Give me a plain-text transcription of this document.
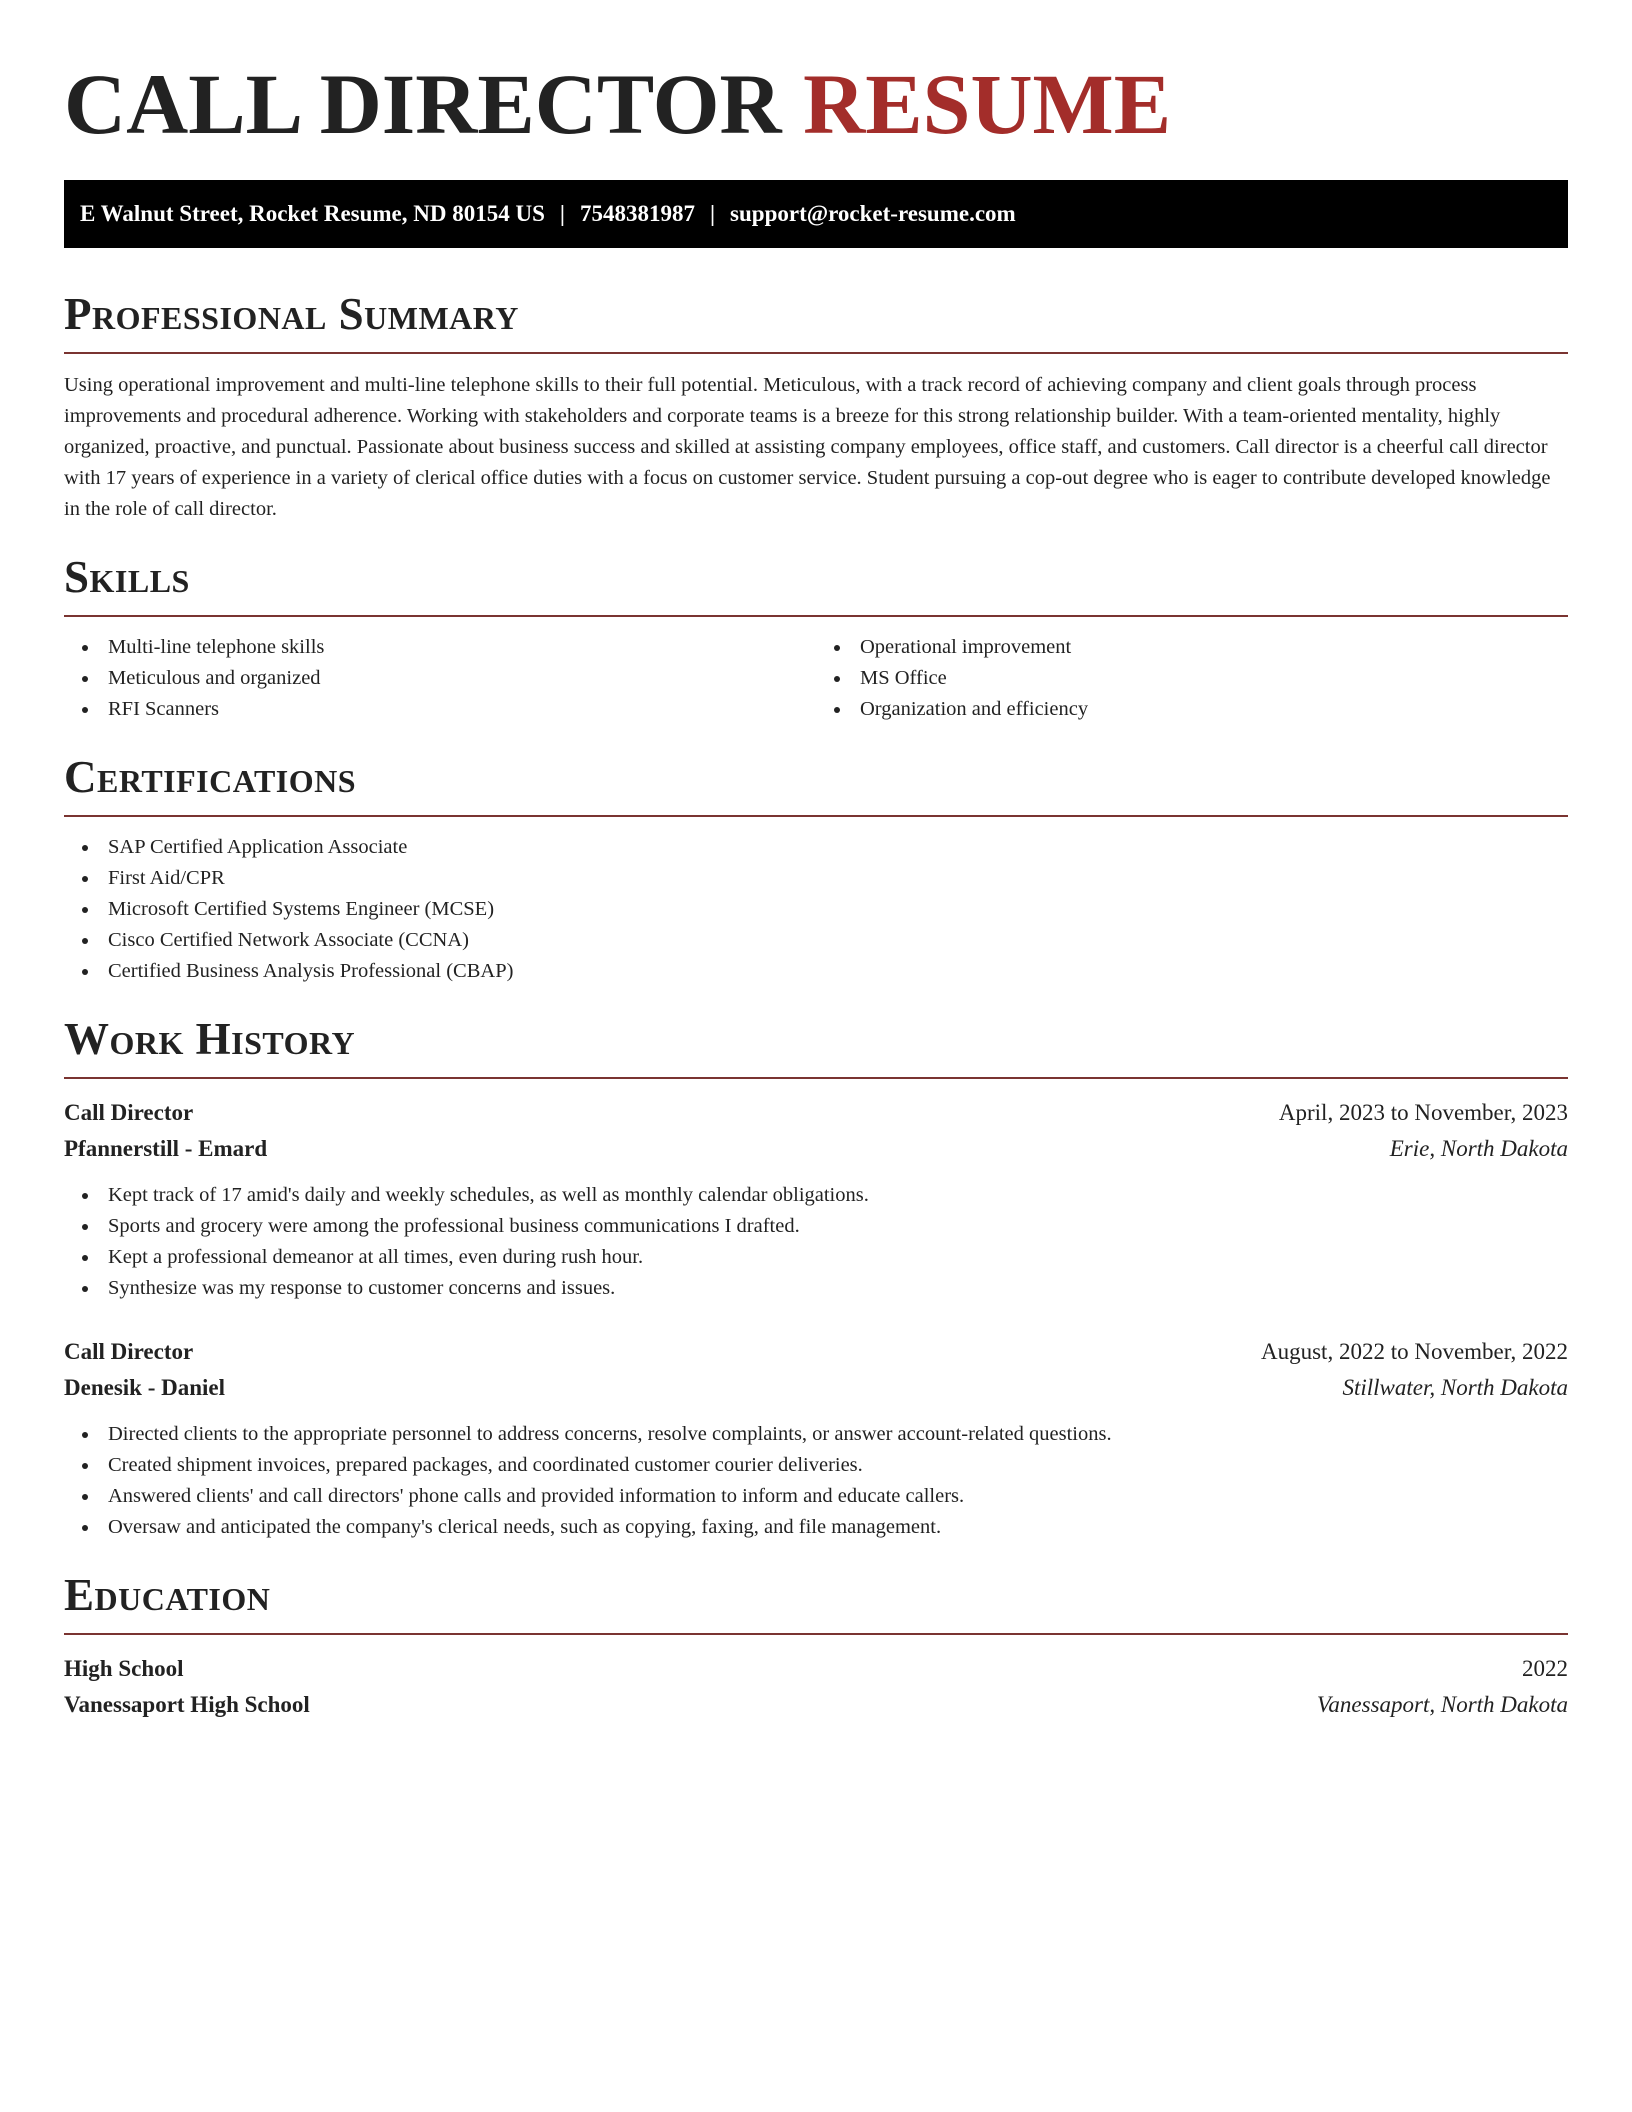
CALL DIRECTOR RESUME
E Walnut Street, Rocket Resume, ND 80154 US | 7548381987 | support@rocket-resume.com
Professional Summary

Using operational improvement and multi-line telephone skills to their full potential. Meticulous, with a track record of achieving company and client goals through process improvements and procedural adherence. Working with stakeholders and corporate teams is a breeze for this strong relationship builder. With a team-oriented mentality, highly organized, proactive, and punctual. Passionate about business success and skilled at assisting company employees, office staff, and customers. Call director is a cheerful call director with 17 years of experience in a variety of clerical office duties with a focus on customer service. Student pursuing a cop-out degree who is eager to contribute developed knowledge in the role of call director.

Skills
Multi-line telephone skills
Meticulous and organized
RFI Scanners
Operational improvement
MS Office
Organization and efficiency
Certifications
SAP Certified Application Associate
First Aid/CPR
Microsoft Certified Systems Engineer (MCSE)
Cisco Certified Network Associate (CCNA)
Certified Business Analysis Professional (CBAP)
Work History
Call Director	April, 2023 to November, 2023
Pfannerstill - Emard	Erie, North Dakota
Kept track of 17 amid's daily and weekly schedules, as well as monthly calendar obligations.
Sports and grocery were among the professional business communications I drafted.
Kept a professional demeanor at all times, even during rush hour.
Synthesize was my response to customer concerns and issues.
Call Director	August, 2022 to November, 2022
Denesik - Daniel	Stillwater, North Dakota
Directed clients to the appropriate personnel to address concerns, resolve complaints, or answer account-related questions.
Created shipment invoices, prepared packages, and coordinated customer courier deliveries.
Answered clients' and call directors' phone calls and provided information to inform and educate callers.
Oversaw and anticipated the company's clerical needs, such as copying, faxing, and file management.
Education
High School	2022
Vanessaport High School	Vanessaport, North Dakota
